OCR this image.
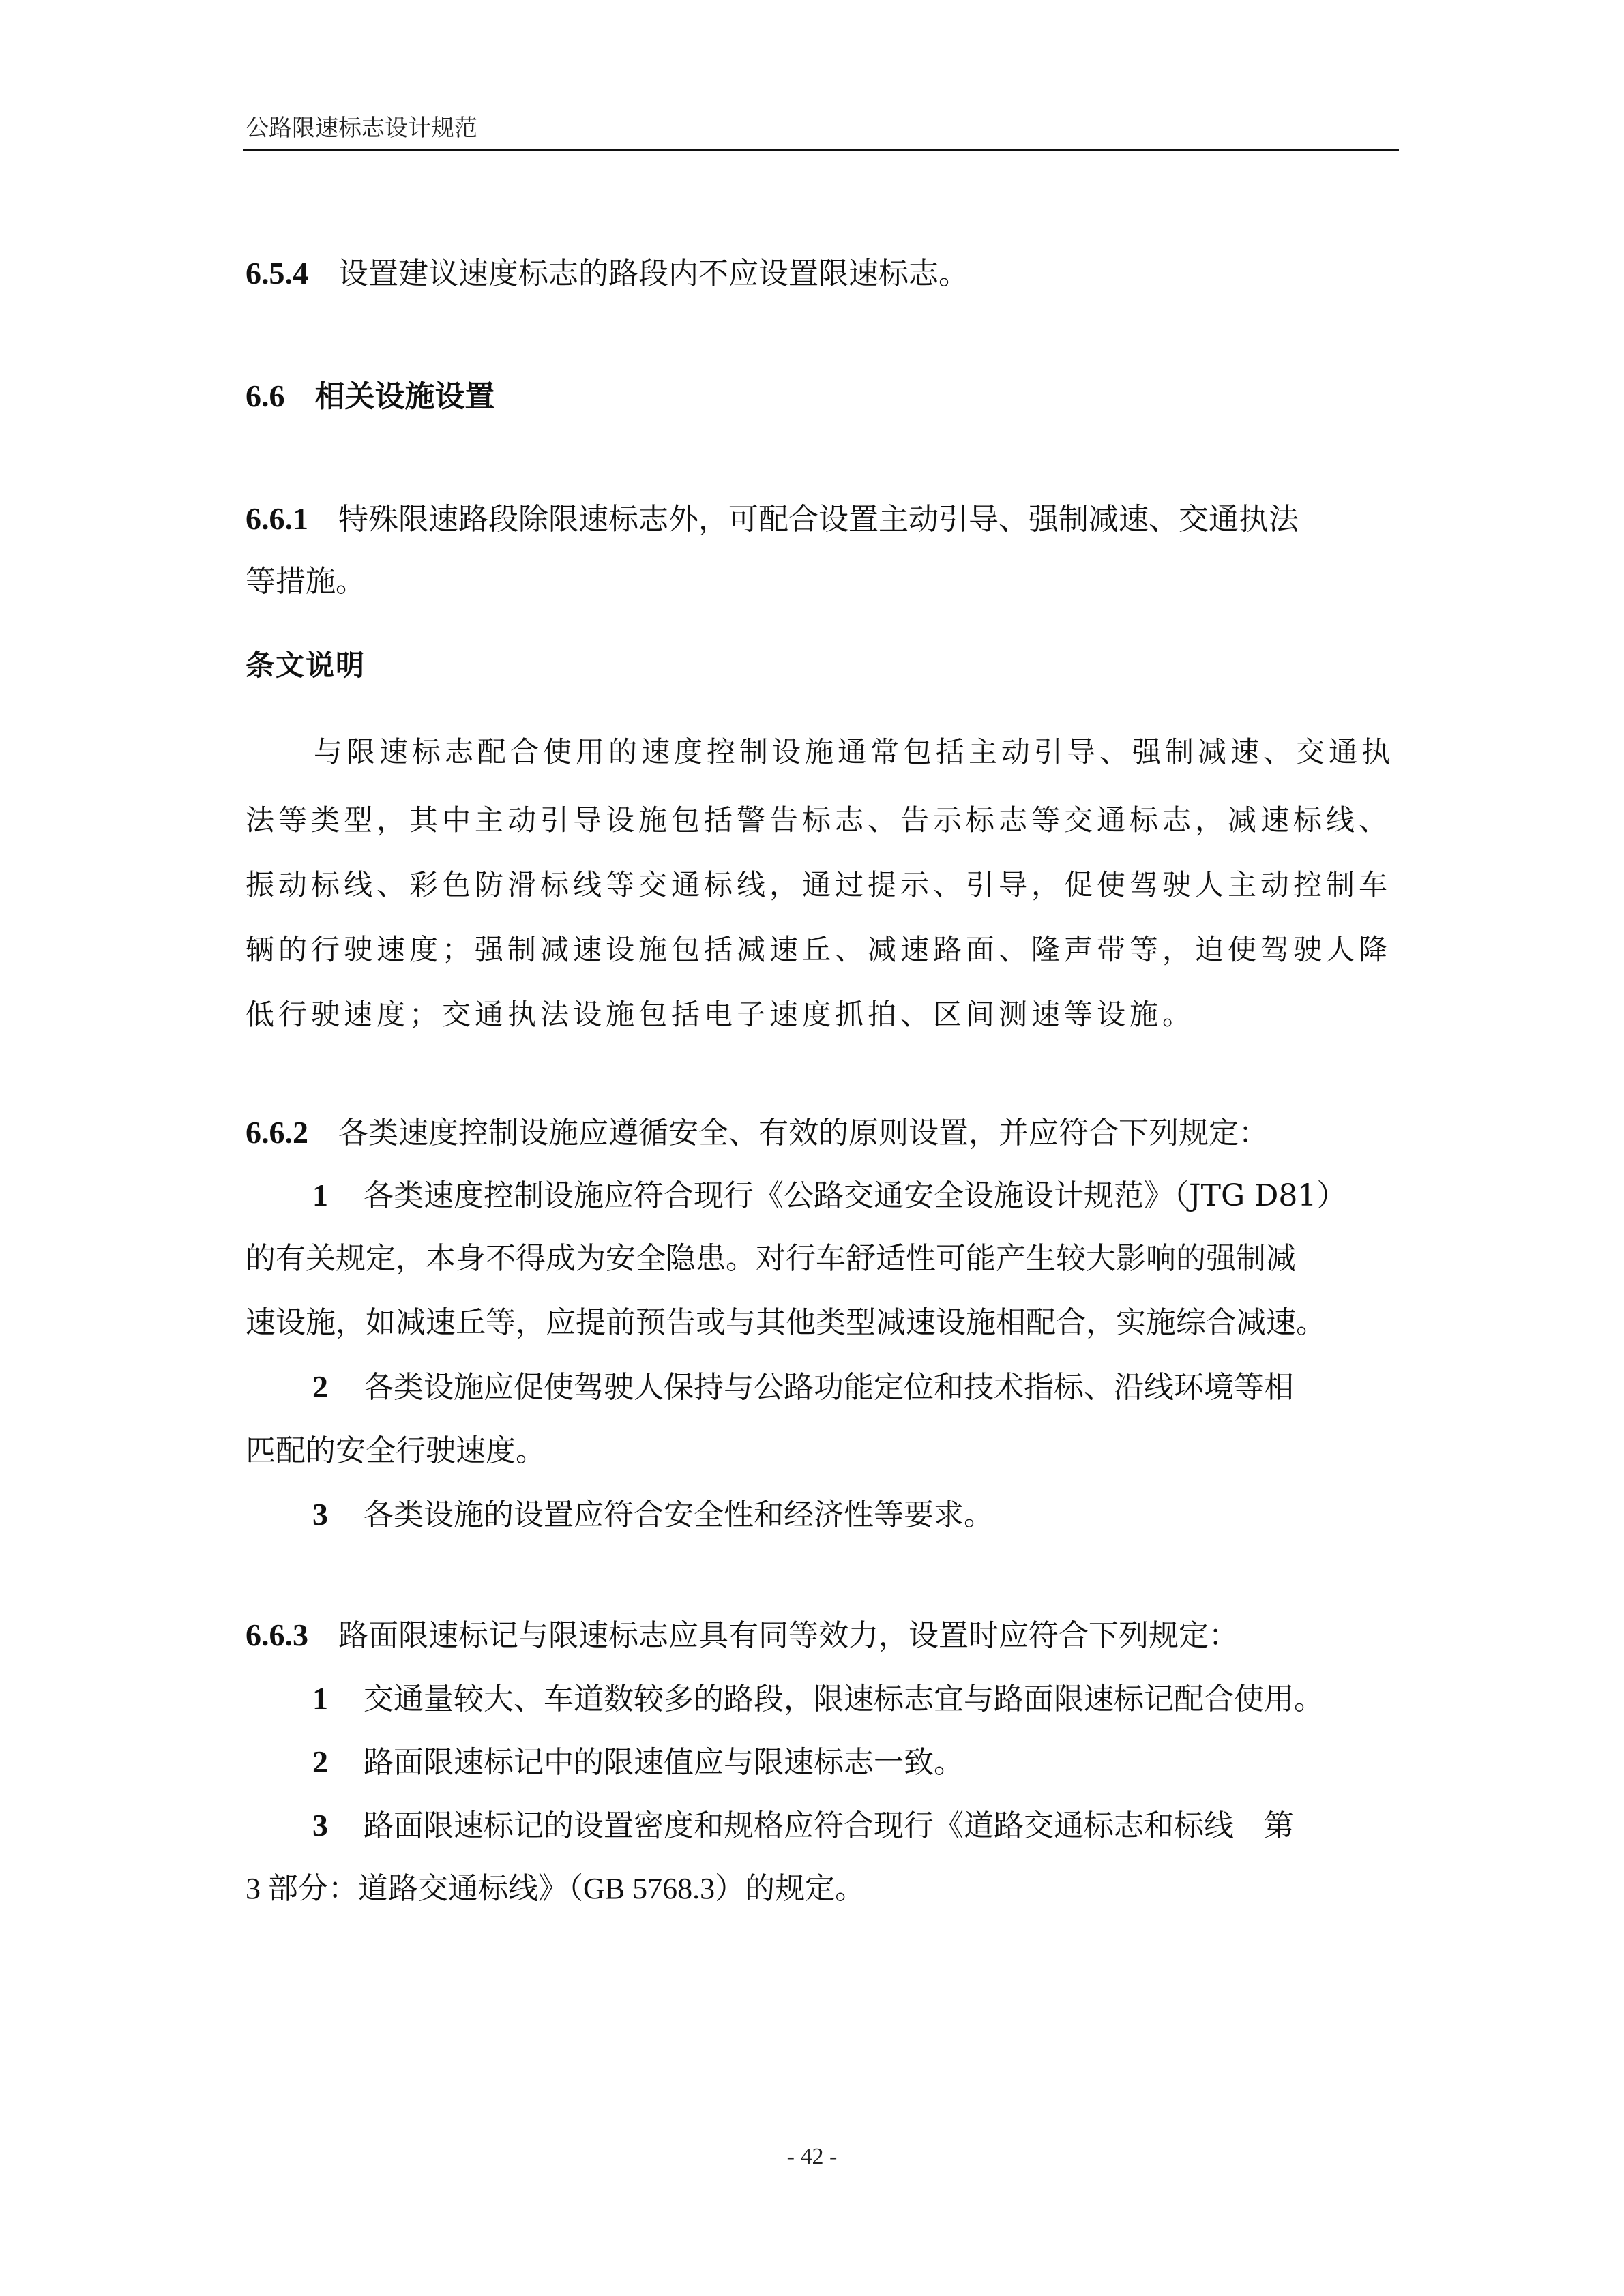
公路限速标志设计规范
6.5.4 设置建议速度标志的路段内不应设置限速标志。
6.6 相关设施设置
6.6.1 特殊限速路段除限速标志外，可配合设置主动引导、强制减速、交通执法
等措施。
条文说明
与限速标志配合使用的速度控制设施通常包括主动引导、强制减速、交通执
法等类型，其中主动引导设施包括警告标志、告示标志等交通标志，减速标线、
振动标线、彩色防滑标线等交通标线，通过提示、引导，促使驾驶人主动控制车
辆的行驶速度；强制减速设施包括减速丘、减速路面、隆声带等，迫使驾驶人降
低行驶速度；交通执法设施包括电子速度抓拍、区间测速等设施。
6.6.2 各类速度控制设施应遵循安全、有效的原则设置，并应符合下列规定：
1 各类速度控制设施应符合现行《公路交通安全设施设计规范》（JTG D81）
的有关规定，本身不得成为安全隐患。对行车舒适性可能产生较大影响的强制减
速设施，如减速丘等，应提前预告或与其他类型减速设施相配合，实施综合减速。
2 各类设施应促使驾驶人保持与公路功能定位和技术指标、沿线环境等相
匹配的安全行驶速度。
3 各类设施的设置应符合安全性和经济性等要求。
6.6.3 路面限速标记与限速标志应具有同等效力，设置时应符合下列规定：
1 交通量较大、车道数较多的路段，限速标志宜与路面限速标记配合使用。
2 路面限速标记中的限速值应与限速标志一致。
3 路面限速标记的设置密度和规格应符合现行《道路交通标志和标线　第
3 部分：道路交通标线》（GB 5768.3）的规定。
- 42 -
